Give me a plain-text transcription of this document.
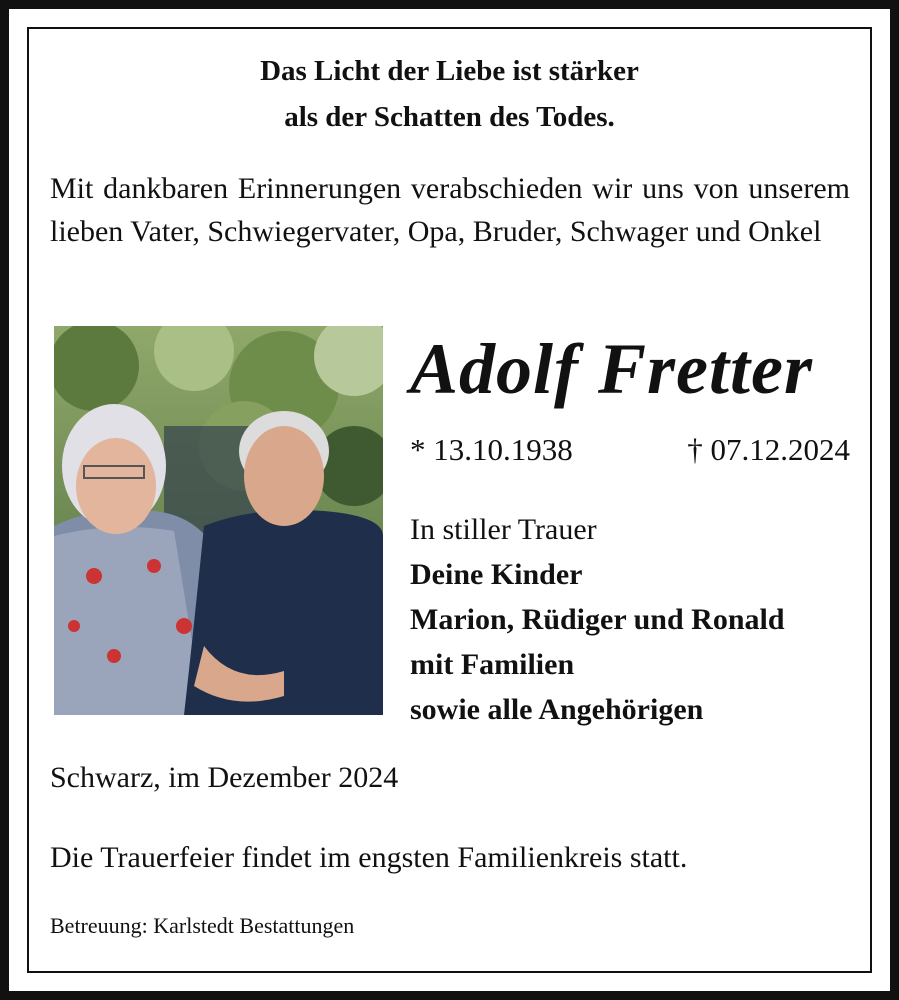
Das Licht der Liebe ist stärker
als der Schatten des Todes.
Mit dankbaren Erinnerungen verabschieden wir uns von unserem lieben Vater, Schwiegervater, Opa, Bruder, Schwager und Onkel
Adolf Fretter
* 13.10.1938	† 07.12.2024
In stiller Trauer
Deine Kinder
Marion, Rüdiger und Ronald
mit Familien
sowie alle Angehörigen
Schwarz, im Dezember 2024
Die Trauerfeier findet im engsten Familienkreis statt.
Betreuung: Karlstedt Bestattungen
